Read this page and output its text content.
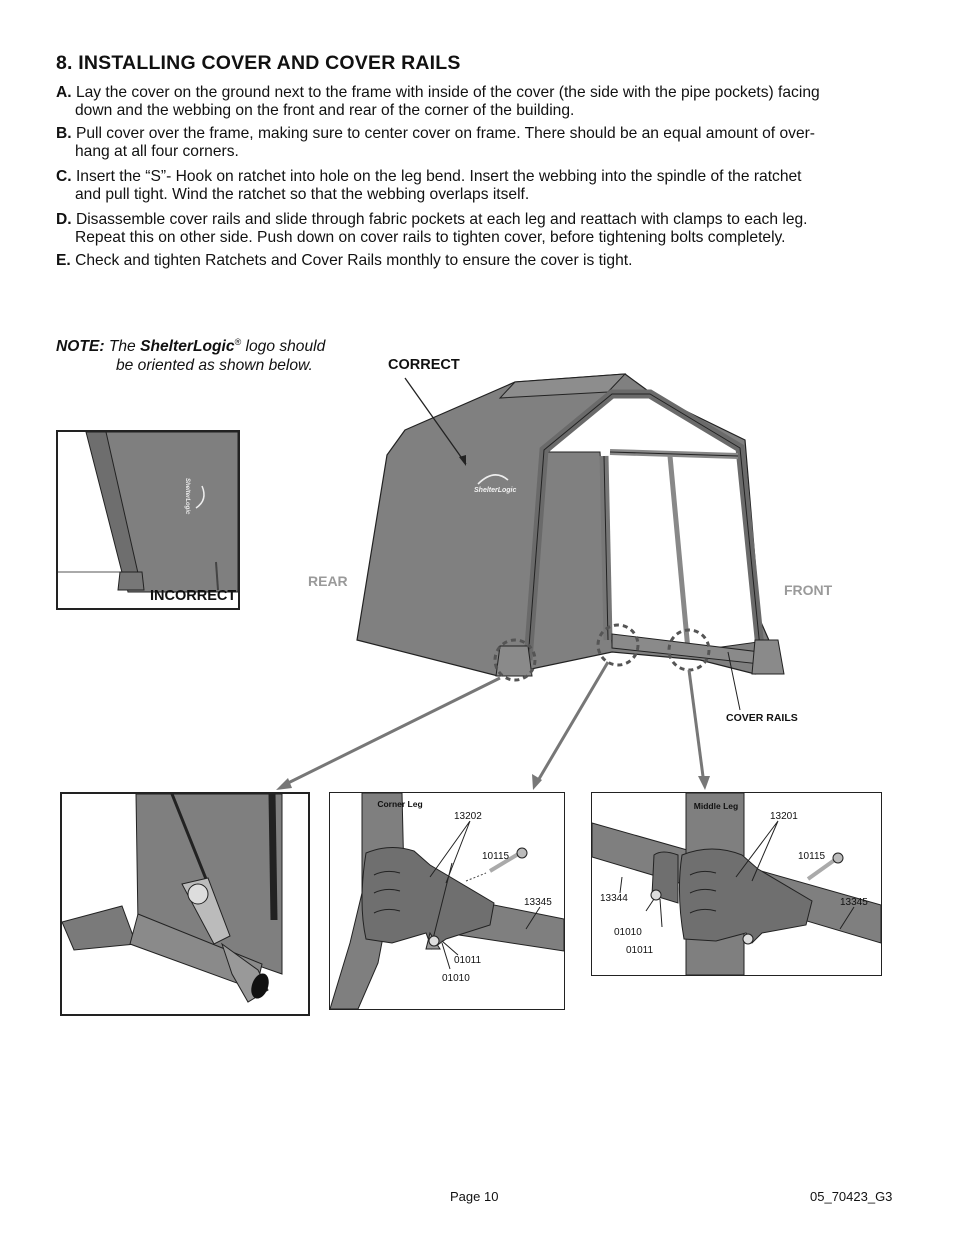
8. INSTALLING COVER AND COVER RAILS
A. Lay the cover on the ground next to the frame with inside of the cover (the side with the pipe pockets) facing
down and the webbing on the front and rear of the corner of the building.
B. Pull cover over the frame, making sure to center cover on frame. There should be an equal amount of over-
hang at all four corners.
C. Insert the “S”- Hook on ratchet into hole on the leg bend. Insert the webbing into the spindle of the ratchet
and pull tight. Wind the ratchet so that the webbing overlaps itself.
D. Disassemble cover rails and slide through fabric pockets at each leg and reattach with clamps to each leg.
Repeat this on other side. Push down on cover rails to tighten cover, before tightening bolts completely.
E. Check and tighten Ratchets and Cover Rails monthly to ensure the cover is tight.
NOTE: The ShelterLogic® logo should
be oriented as shown below.
ShelterLogic
INCORRECT
ShelterLogic
CORRECT
REAR
FRONT
COVER RAILS
Corner Leg
13202
10115
13345
01011
01010
Middle Leg
13201
10115
13345
13344
01010
01011
Page 10	05_70423_G3
